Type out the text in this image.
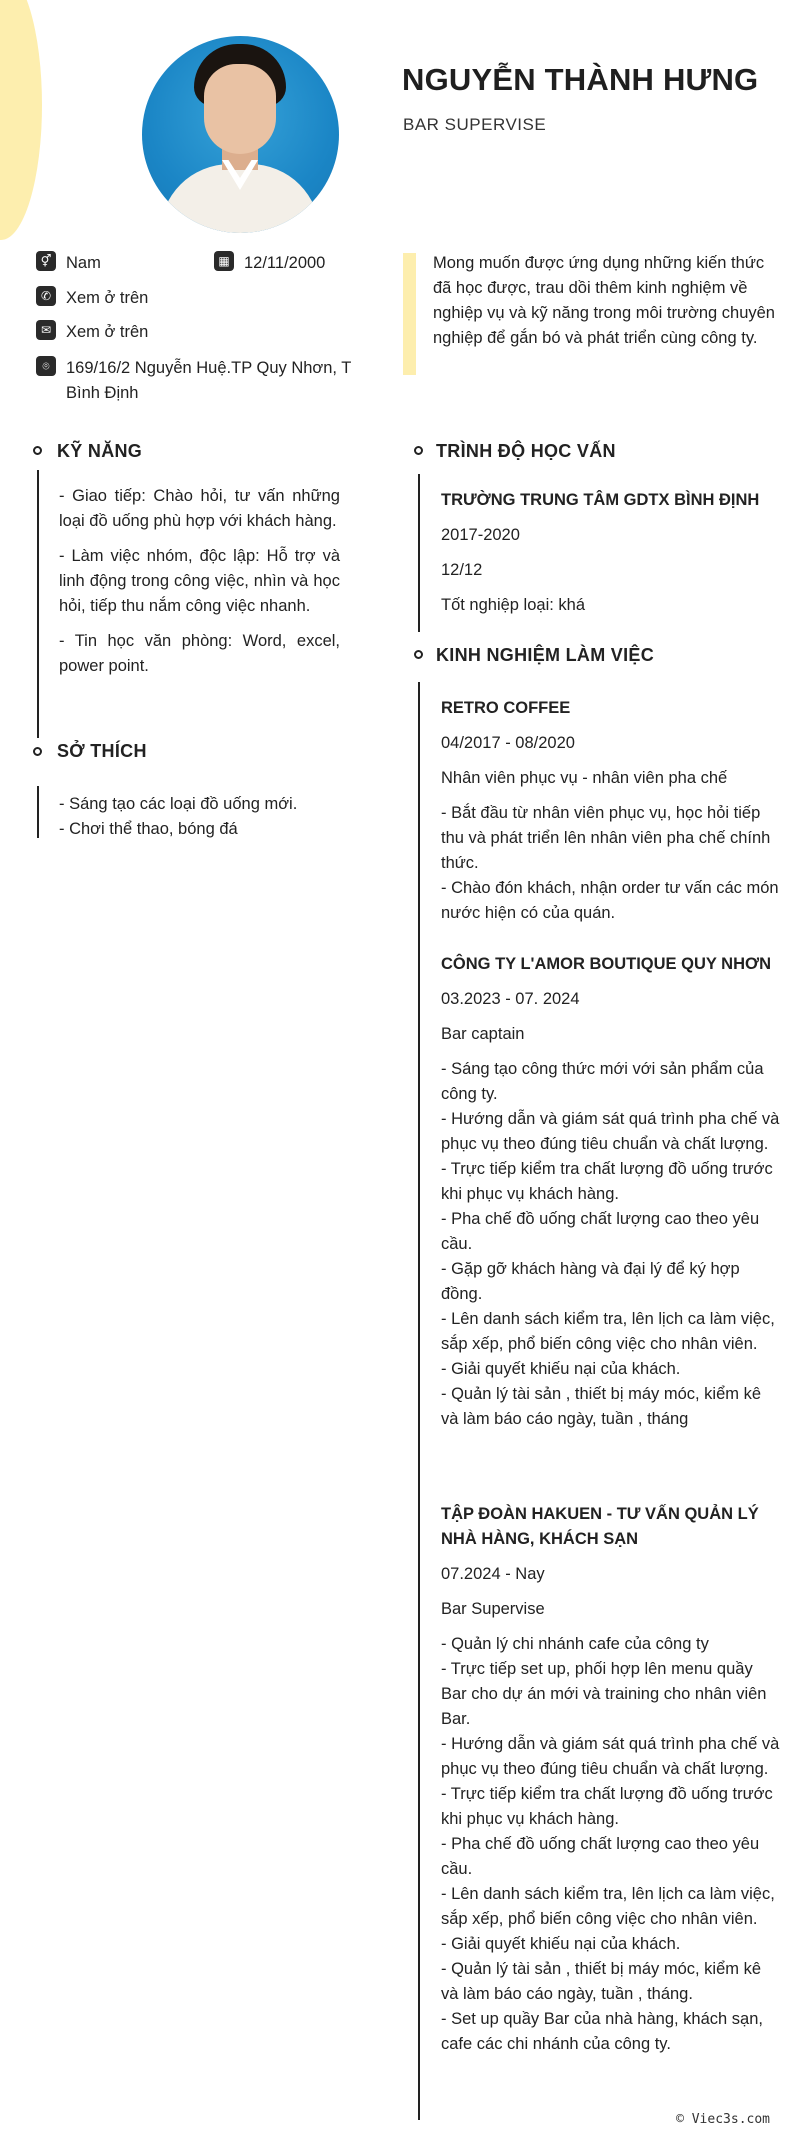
NGUYỄN THÀNH HƯNG
BAR SUPERVISE
⚥ Nam	▦ 12/11/2000
✆ Xem ở trên
✉ Xem ở trên
⌾ 169/16/2 Nguyễn Huệ.TP Quy Nhơn, T
Bình Định
Mong muốn được ứng dụng những kiến thức đã học được, trau dồi thêm kinh nghiệm về nghiệp vụ và kỹ năng trong môi trường chuyên nghiệp để gắn bó và phát triển cùng công ty.
KỸ NĂNG

- Giao tiếp: Chào hỏi, tư vấn những loại đồ uống phù hợp với khách hàng.

- Làm việc nhóm, độc lập: Hỗ trợ và linh động trong công việc, nhìn và học hỏi, tiếp thu nắm công việc nhanh.

- Tin học văn phòng: Word, excel, power point.

SỞ THÍCH
- Sáng tạo các loại đồ uống mới.
- Chơi thể thao, bóng đá
TRÌNH ĐỘ HỌC VẤN
TRƯỜNG TRUNG TÂM GDTX BÌNH ĐỊNH
2017-2020
12/12
Tốt nghiệp loại: khá
KINH NGHIỆM LÀM VIỆC
RETRO COFFEE
04/2017 - 08/2020
Nhân viên phục vụ - nhân viên pha chế
- Bắt đầu từ nhân viên phục vụ, học hỏi tiếp thu và phát triển lên nhân viên pha chế chính thức.
- Chào đón khách, nhận order tư vấn các món nước hiện có của quán.
CÔNG TY L'AMOR BOUTIQUE QUY NHƠN
03.2023 - 07. 2024
Bar captain
- Sáng tạo công thức mới với sản phẩm của công ty.
- Hướng dẫn và giám sát quá trình pha chế và phục vụ theo đúng tiêu chuẩn và chất lượng.
- Trực tiếp kiểm tra chất lượng đồ uống trước khi phục vụ khách hàng.
- Pha chế đồ uống chất lượng cao theo yêu cầu.
- Gặp gỡ khách hàng và đại lý để ký hợp đồng.
- Lên danh sách kiểm tra, lên lịch ca làm việc, sắp xếp, phổ biến công việc cho nhân viên.
- Giải quyết khiếu nại của khách.
- Quản lý tài sản , thiết bị máy móc, kiểm kê và làm báo cáo ngày, tuần , tháng
TẬP ĐOÀN HAKUEN - TƯ VẤN QUẢN LÝ NHÀ HÀNG, KHÁCH SẠN
07.2024 - Nay
Bar Supervise
- Quản lý chi nhánh cafe của công ty
- Trực tiếp set up, phối hợp lên menu quầy Bar cho dự án mới và training cho nhân viên Bar.
- Hướng dẫn và giám sát quá trình pha chế và phục vụ theo đúng tiêu chuẩn và chất lượng.
- Trực tiếp kiểm tra chất lượng đồ uống trước khi phục vụ khách hàng.
- Pha chế đồ uống chất lượng cao theo yêu cầu.
- Lên danh sách kiểm tra, lên lịch ca làm việc, sắp xếp, phổ biến công việc cho nhân viên.
- Giải quyết khiếu nại của khách.
- Quản lý tài sản , thiết bị máy móc, kiểm kê và làm báo cáo ngày, tuần , tháng.
- Set up quầy Bar của nhà hàng, khách sạn, cafe các chi nhánh của công ty.
© Viec3s.com
